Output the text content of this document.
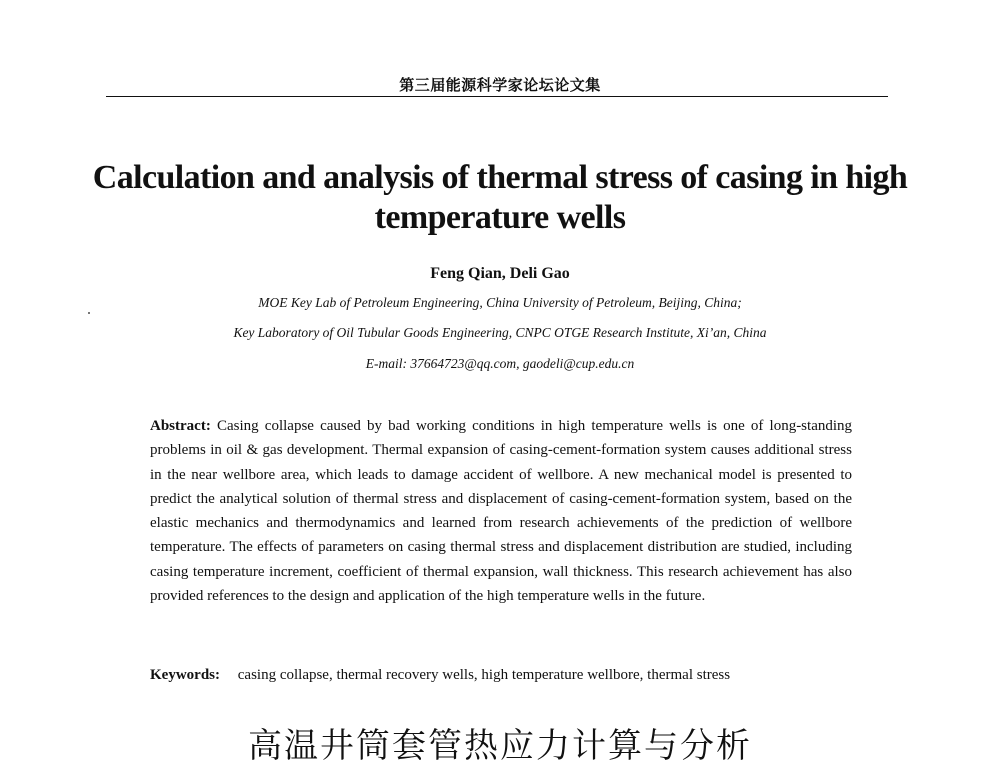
第三届能源科学家论坛论文集
Calculation and analysis of thermal stress of casing in high temperature wells
Feng Qian, Deli Gao
MOE Key Lab of Petroleum Engineering, China University of Petroleum, Beijing, China;
Key Laboratory of Oil Tubular Goods Engineering, CNPC OTGE Research Institute, Xi’an, China
E-mail: 37664723@qq.com, gaodeli@cup.edu.cn
Abstract: Casing collapse caused by bad working conditions in high temperature wells is one of long-standing problems in oil & gas development. Thermal expansion of casing-cement-formation system causes additional stress in the near wellbore area, which leads to damage accident of wellbore. A new mechanical model is presented to predict the analytical solution of thermal stress and displacement of casing-cement-formation system, based on the elastic mechanics and thermodynamics and learned from research achievements of the prediction of wellbore temperature. The effects of parameters on casing thermal stress and displacement distribution are studied, including casing temperature increment, coefficient of thermal expansion, wall thickness. This research achievement has also provided references to the design and application of the high temperature wells in the future.
Keywords: casing collapse, thermal recovery wells, high temperature wellbore, thermal stress
高温井筒套管热应力计算与分析
